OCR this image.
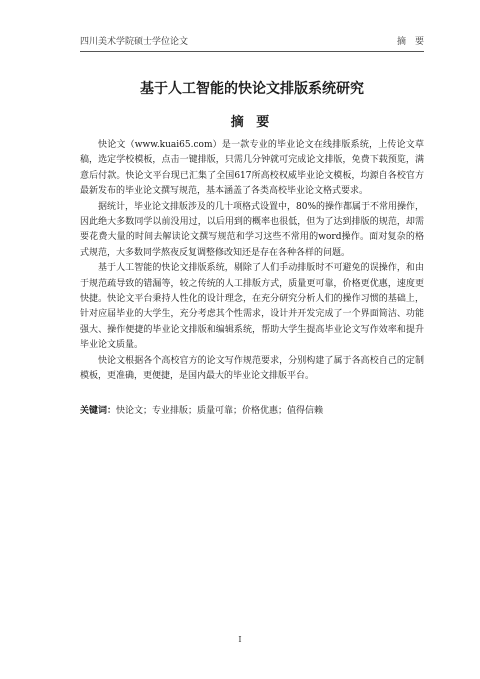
四川美术学院硕士学位论文	摘　要
基于人工智能的快论文排版系统研究
摘 要

快论文（www.kuai65.com）是一款专业的毕业论文在线排版系统，上传论文草稿，选定学校模板，点击一键排版，只需几分钟就可完成论文排版，免费下载预览，满意后付款。快论文平台现已汇集了全国617所高校权威毕业论文模板，均源自各校官方最新发布的毕业论文撰写规范，基本涵盖了各类高校毕业论文格式要求。

据统计，毕业论文排版涉及的几十项格式设置中，80%的操作都属于不常用操作，因此绝大多数同学以前没用过，以后用到的概率也很低，但为了达到排版的规范，却需要花费大量的时间去解读论文撰写规范和学习这些不常用的word操作。面对复杂的格式规范，大多数同学熬夜反复调整修改知还是存在各种各样的问题。

基于人工智能的快论文排版系统，剔除了人们手动排版时不可避免的误操作，和由于规范疏导致的错漏等，较之传统的人工排版方式，质量更可靠，价格更优惠，速度更快捷。快论文平台秉持人性化的设计理念，在充分研究分析人们的操作习惯的基础上，针对应届毕业的大学生，充分考虑其个性需求，设计并开发完成了一个界面简洁、功能强大、操作便捷的毕业论文排版和编辑系统，帮助大学生提高毕业论文写作效率和提升毕业论文质量。

快论文根据各个高校官方的论文写作规范要求，分别构建了属于各高校自己的定制模板，更准确，更便捷，是国内最大的毕业论文排版平台。

关键词：快论文；专业排版；质量可靠；价格优惠；值得信赖
I
